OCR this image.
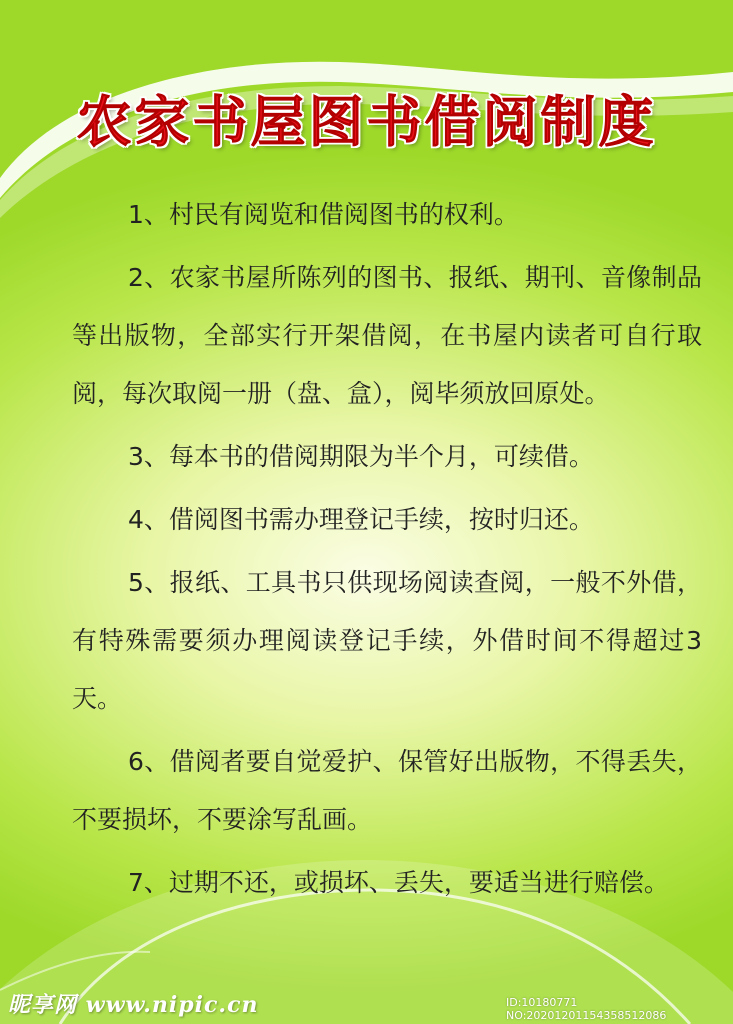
农家书屋图书借阅制度
1、村民有阅览和借阅图书的权利。
2、农家书屋所陈列的图书、报纸、期刊、音像制品等出版物，全部实行开架借阅，在书屋内读者可自行取阅，每次取阅一册（盘、盒），阅毕须放回原处。
3、每本书的借阅期限为半个月，可续借。
4、借阅图书需办理登记手续，按时归还。
5、报纸、工具书只供现场阅读查阅，一般不外借，有特殊需要须办理阅读登记手续，外借时间不得超过3天。
6、借阅者要自觉爱护、保管好出版物，不得丢失，不要损坏，不要涂写乱画。
7、过期不还，或损坏、丢失，要适当进行赔偿。
昵享网 www.nipic.cn	ID:10180771 NO:20201201154358512086
